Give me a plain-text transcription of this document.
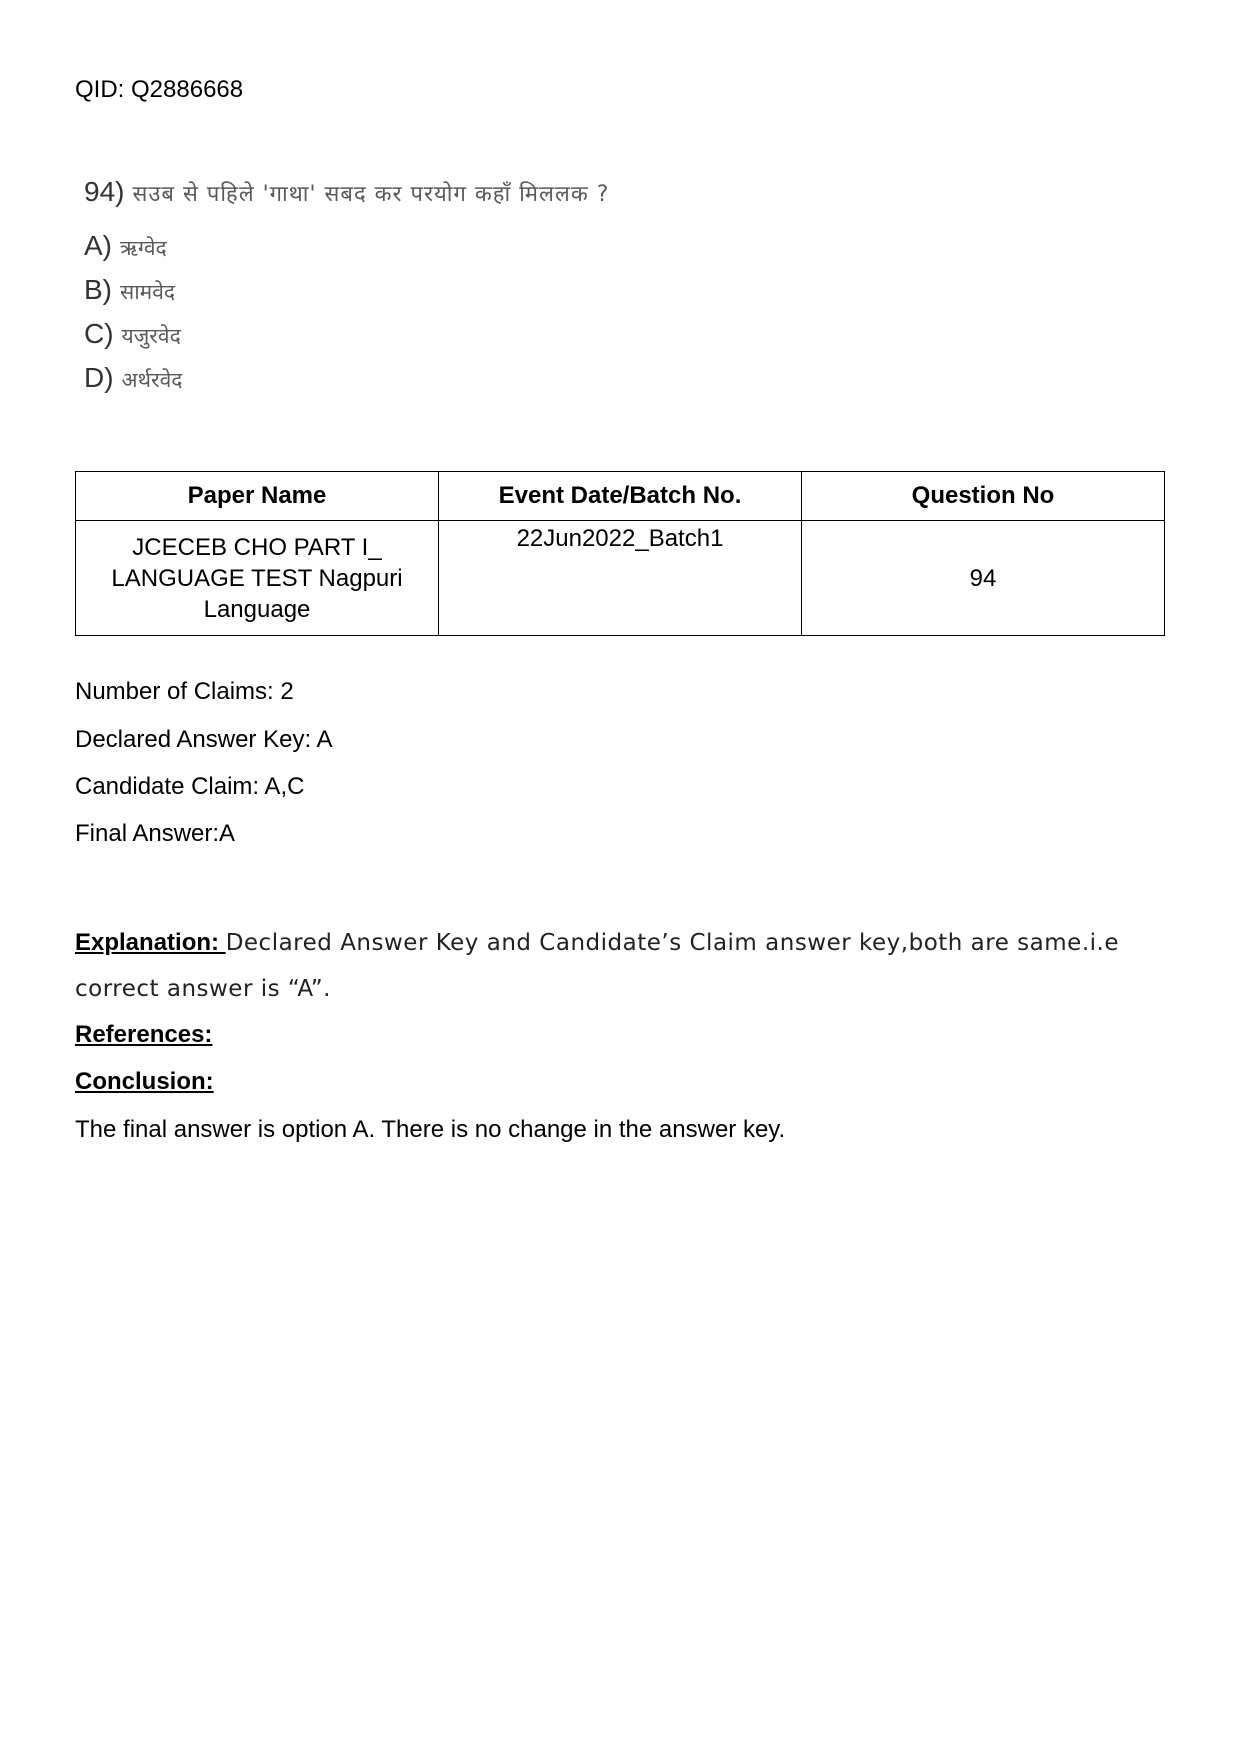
QID: Q2886668
94) सउब से पहिले 'गाथा' सबद कर परयोग कहाँ मिललक ?
A) ऋग्वेद
B) सामवेद
C) यजुरवेद
D) अर्थरवेद
Paper Name	Event Date/Batch No.	Question No
JCECEB CHO PART I_ LANGUAGE TEST Nagpuri Language	22Jun2022_Batch1	94
Number of Claims: 2
Declared Answer Key: A
Candidate Claim: A,C
Final Answer:A
Explanation: Declared Answer Key and Candidate’s Claim answer key,both are same.i.e correct answer is “A”.
References:
Conclusion:
The final answer is option A. There is no change in the answer key.
